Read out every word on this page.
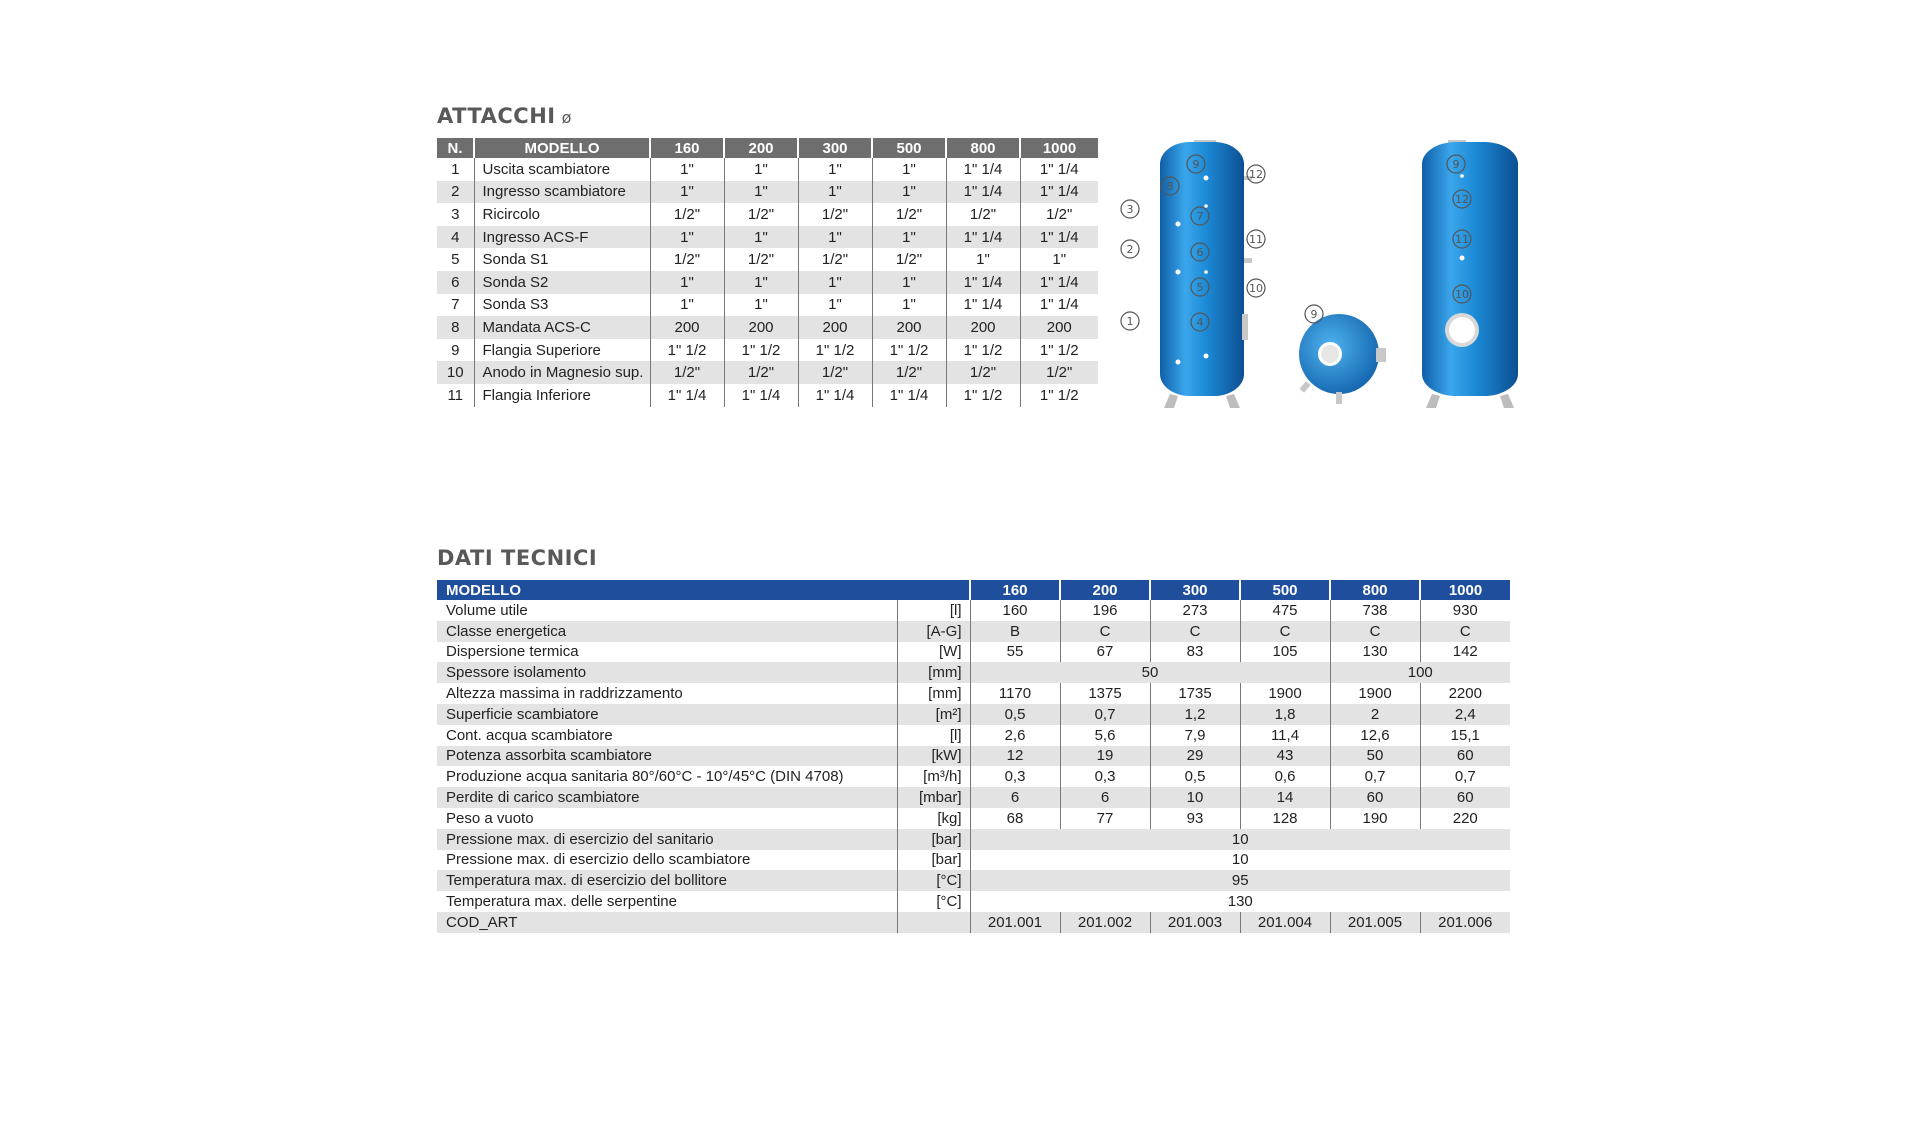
ATTACCHI ø
N.	MODELLO	160	200	300	500	800	1000
1	Uscita scambiatore	1"	1"	1"	1"	1" 1/4	1" 1/4
2	Ingresso scambiatore	1"	1"	1"	1"	1" 1/4	1" 1/4
3	Ricircolo	1/2"	1/2"	1/2"	1/2"	1/2"	1/2"
4	Ingresso ACS-F	1"	1"	1"	1"	1" 1/4	1" 1/4
5	Sonda S1	1/2"	1/2"	1/2"	1/2"	1"	1"
6	Sonda S2	1"	1"	1"	1"	1" 1/4	1" 1/4
7	Sonda S3	1"	1"	1"	1"	1" 1/4	1" 1/4
8	Mandata ACS-C	200	200	200	200	200	200
9	Flangia Superiore	1" 1/2	1" 1/2	1" 1/2	1" 1/2	1" 1/2	1" 1/2
10	Anodo in Magnesio sup.	1/2"	1/2"	1/2"	1/2"	1/2"	1/2"
11	Flangia Inferiore	1" 1/4	1" 1/4	1" 1/4	1" 1/4	1" 1/2	1" 1/2
DATI TECNICI
MODELLO		160	200	300	500	800	1000
Volume utile	[l]	160	196	273	475	738	930
Classe energetica	[A-G]	B	C	C	C	C	C
Dispersione termica	[W]	55	67	83	105	130	142
Spessore isolamento	[mm]	50				100	
Altezza massima in raddrizzamento	[mm]	1170	1375	1735	1900	1900	2200
Superficie scambiatore	[m²]	0,5	0,7	1,2	1,8	2	2,4
Cont. acqua scambiatore	[l]	2,6	5,6	7,9	11,4	12,6	15,1
Potenza assorbita scambiatore	[kW]	12	19	29	43	50	60
Produzione acqua sanitaria 80°/60°C - 10°/45°C (DIN 4708)	[m³/h]	0,3	0,3	0,5	0,6	0,7	0,7
Perdite di carico scambiatore	[mbar]	6	6	10	14	60	60
Peso a vuoto	[kg]	68	77	93	128	190	220
Pressione max. di esercizio del sanitario	[bar]	10					
Pressione max. di esercizio dello scambiatore	[bar]	10					
Temperatura max. di esercizio del bollitore	[°C]	95					
Temperatura max. delle serpentine	[°C]	130					
COD_ART		201.001	201.002	201.003	201.004	201.005	201.006
1
2
3
4
5
6
7
8
9
10
11
12
9
9
10
11
12
